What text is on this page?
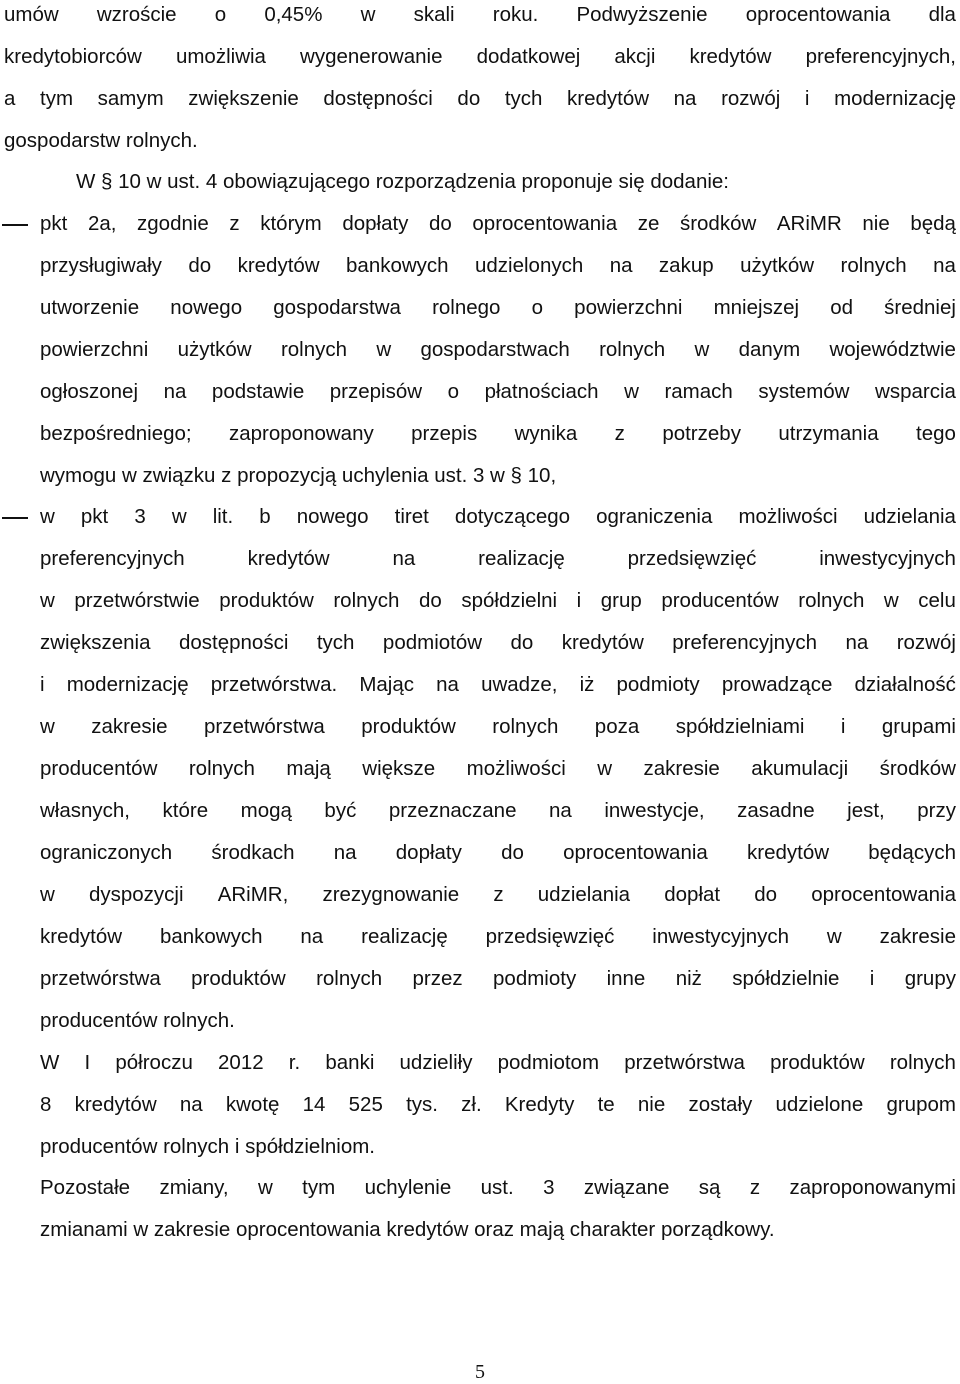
umów wzroście o 0,45% w skali roku. Podwyższenie oprocentowania dla
kredytobiorców umożliwia wygenerowanie dodatkowej akcji kredytów preferencyjnych,
a tym samym zwiększenie dostępności do tych kredytów na rozwój i modernizację
gospodarstw rolnych.
W § 10 w ust. 4 obowiązującego rozporządzenia proponuje się dodanie:
pkt 2a, zgodnie z którym dopłaty do oprocentowania ze środków ARiMR nie będą
przysługiwały do kredytów bankowych udzielonych na zakup użytków rolnych na
utworzenie nowego gospodarstwa rolnego o powierzchni mniejszej od średniej
powierzchni użytków rolnych w gospodarstwach rolnych w danym województwie
ogłoszonej na podstawie przepisów o płatnościach w ramach systemów wsparcia
bezpośredniego; zaproponowany przepis wynika z potrzeby utrzymania tego
wymogu w związku z propozycją uchylenia ust. 3 w § 10,
w pkt 3 w lit. b nowego tiret dotyczącego ograniczenia możliwości udzielania
preferencyjnych	kredytów	na	realizację	przedsięwzięć	inwestycyjnych
w przetwórstwie produktów rolnych do spółdzielni i grup producentów rolnych w celu
zwiększenia dostępności tych podmiotów do kredytów preferencyjnych na rozwój
i modernizację przetwórstwa. Mając na uwadze, iż podmioty prowadzące działalność
w zakresie przetwórstwa produktów rolnych poza spółdzielniami i grupami
producentów rolnych mają większe możliwości w zakresie akumulacji środków
własnych, które mogą być przeznaczane na inwestycje, zasadne jest, przy
ograniczonych środkach na dopłaty do oprocentowania kredytów będących
w dyspozycji ARiMR, zrezygnowanie z udzielania dopłat do oprocentowania
kredytów bankowych na realizację przedsięwzięć inwestycyjnych w zakresie
przetwórstwa produktów rolnych przez podmioty inne niż spółdzielnie i grupy
producentów rolnych.
W I półroczu 2012 r. banki udzieliły podmiotom przetwórstwa produktów rolnych
8 kredytów na kwotę 14 525 tys. zł. Kredyty te nie zostały udzielone grupom
producentów rolnych i spółdzielniom.
Pozostałe zmiany, w tym uchylenie ust. 3 związane są z zaproponowanymi
zmianami w zakresie oprocentowania kredytów oraz mają charakter porządkowy.
5
